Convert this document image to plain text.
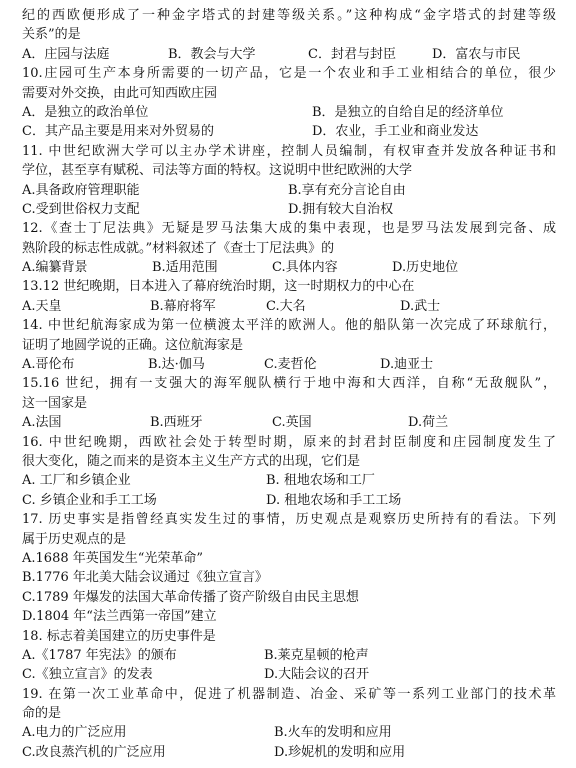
纪的西欧便形成了一种金字塔式的封建等级关系。”这种构成“金字塔式的封建等级
关系”的是
A．庄园与法庭	B．教会与大学	C．封君与封臣	D．富农与市民
10.庄园可生产本身所需要的一切产品，它是一个农业和手工业相结合的单位，很少
需要对外交换，由此可知西欧庄园
A．是独立的政治单位	B．是独立的自给自足的经济单位
C．其产品主要是用来对外贸易的	D．农业，手工业和商业发达
11. 中世纪欧洲大学可以主办学术讲座，控制人员编制，有权审查并发放各种证书和
学位，甚至享有赋税、司法等方面的特权。这说明中世纪欧洲的大学
A.具备政府管理职能	B.享有充分言论自由
C.受到世俗权力支配	D.拥有较大自治权
12.《查士丁尼法典》无疑是罗马法集大成的集中表现，也是罗马法发展到完备、成
熟阶段的标志性成就。”材料叙述了《查士丁尼法典》的
A.编纂背景	B.适用范围	C.具体内容	D.历史地位
13.12 世纪晚期，日本进入了幕府统治时期，这一时期权力的中心在
A.天皇	B.幕府将军	C.大名	D.武士
14. 中世纪航海家成为第一位横渡太平洋的欧洲人。他的船队第一次完成了环球航行，
证明了地圆学说的正确。这位航海家是
A.哥伦布	B.达·伽马	C.麦哲伦	D.迪亚士
15.16 世纪，拥有一支强大的海军舰队横行于地中海和大西洋，自称“无敌舰队”，
这一国家是
A.法国	B.西班牙	C.英国	D.荷兰
16. 中世纪晚期，西欧社会处于转型时期，原来的封君封臣制度和庄园制度发生了
很大变化，随之而来的是资本主义生产方式的出现，它们是
A. 工厂和乡镇企业	B. 租地农场和工厂
C. 乡镇企业和手工工场	D. 租地农场和手工工场
17. 历史事实是指曾经真实发生过的事情，历史观点是观察历史所持有的看法。下列
属于历史观点的是
A.1688 年英国发生“光荣革命”
B.1776 年北美大陆会议通过《独立宣言》
C.1789 年爆发的法国大革命传播了资产阶级自由民主思想
D.1804 年“法兰西第一帝国”建立
18. 标志着美国建立的历史事件是
A.《1787 年宪法》的颁布	B.莱克星顿的枪声
C.《独立宣言》的发表	D.大陆会议的召开
19. 在第一次工业革命中，促进了机器制造、冶金、采矿等一系列工业部门的技术革
命的是
A.电力的广泛应用	B.火车的发明和应用
C.改良蒸汽机的广泛应用	D.珍妮机的发明和应用
